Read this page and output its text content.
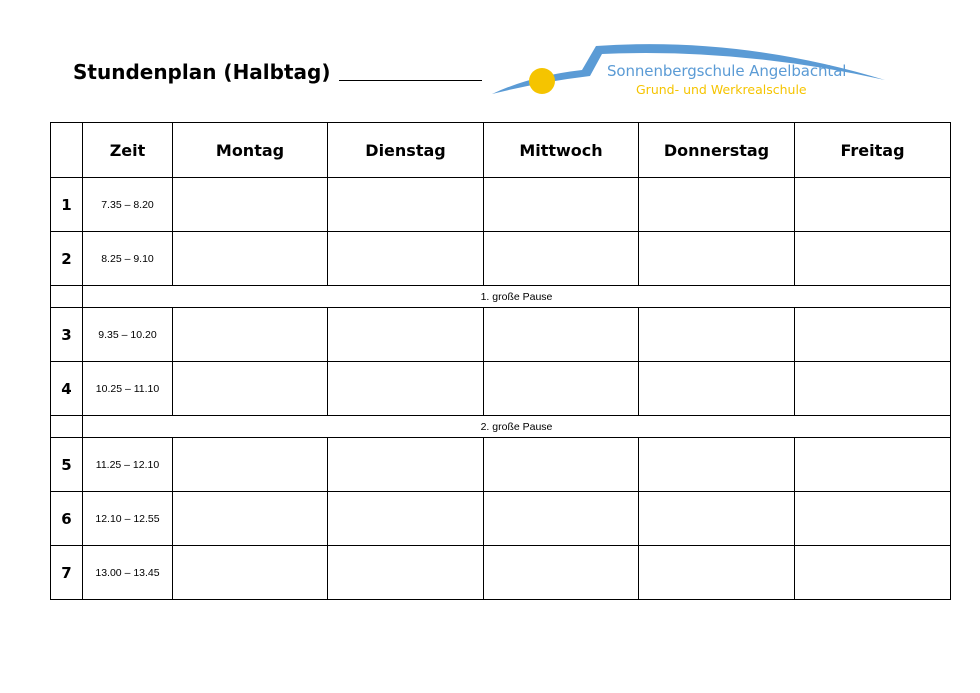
Stundenplan (Halbtag)	Sonnenbergschule Angelbachtal
Grund- und Werkrealschule
	Zeit	Montag	Dienstag	Mittwoch	Donnerstag	Freitag
1	7.35 – 8.20					
2	8.25 – 9.10					
	1. große Pause					
3	9.35 – 10.20					
4	10.25 – 11.10					
	2. große Pause					
5	11.25 – 12.10					
6	12.10 – 12.55					
7	13.00 – 13.45					
